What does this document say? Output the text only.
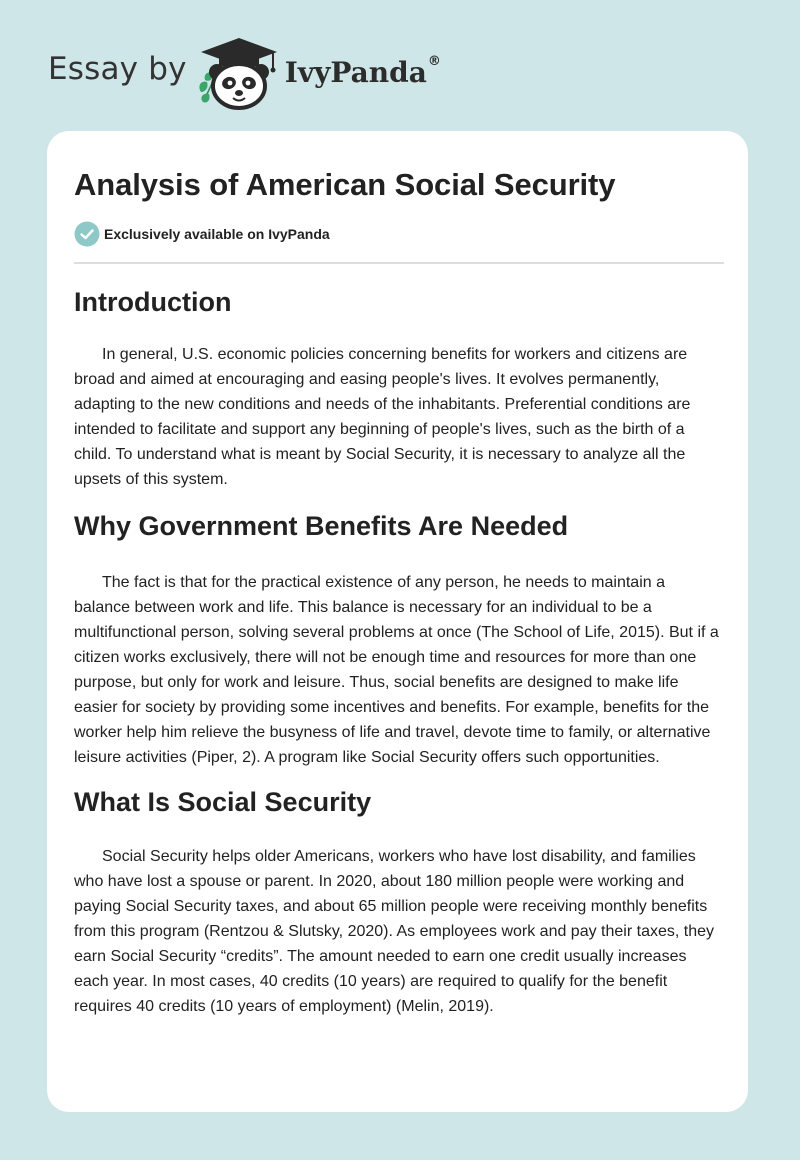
Essay by	IvyPanda®
Analysis of American Social Security
Exclusively available on IvyPanda
Introduction

In general, U.S. economic policies concerning benefits for workers and citizens are broad and aimed at encouraging and easing people's lives. It evolves permanently, adapting to the new conditions and needs of the inhabitants. Preferential conditions are intended to facilitate and support any beginning of people's lives, such as the birth of a child. To understand what is meant by Social Security, it is necessary to analyze all the upsets of this system.

Why Government Benefits Are Needed

The fact is that for the practical existence of any person, he needs to maintain a balance between work and life. This balance is necessary for an individual to be a multifunctional person, solving several problems at once (The School of Life, 2015). But if a citizen works exclusively, there will not be enough time and resources for more than one purpose, but only for work and leisure. Thus, social benefits are designed to make life easier for society by providing some incentives and benefits. For example, benefits for the worker help him relieve the busyness of life and travel, devote time to family, or alternative leisure activities (Piper, 2). A program like Social Security offers such opportunities.

What Is Social Security

Social Security helps older Americans, workers who have lost disability, and families who have lost a spouse or parent. In 2020, about 180 million people were working and paying Social Security taxes, and about 65 million people were receiving monthly benefits from this program (Rentzou & Slutsky, 2020). As employees work and pay their taxes, they earn Social Security “credits”. The amount needed to earn one credit usually increases each year. In most cases, 40 credits (10 years) are required to qualify for the benefit requires 40 credits (10 years of employment) (Melin, 2019).
